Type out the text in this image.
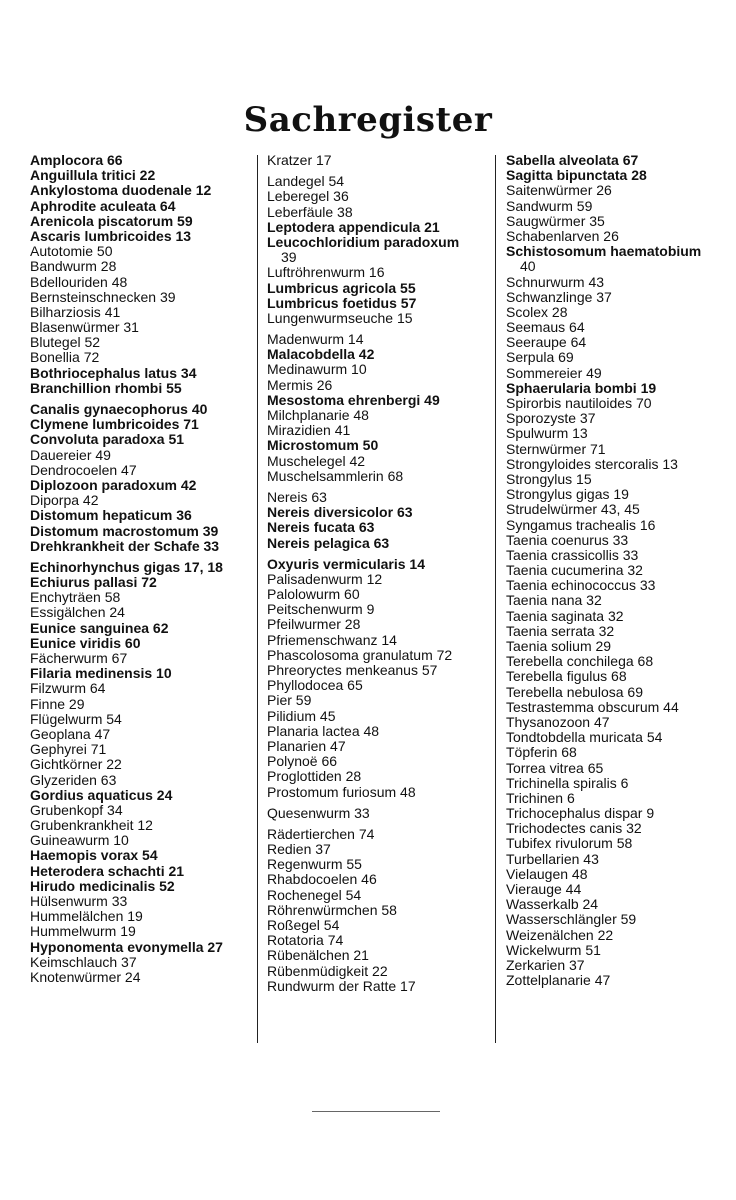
Sachregister
Amplocora 66
Anguillula tritici 22
Ankylostoma duodenale 12
Aphrodite aculeata 64
Arenicola piscatorum 59
Ascaris lumbricoides 13
Autotomie 50
Bandwurm 28
Bdellouriden 48
Bernsteinschnecken 39
Bilharziosis 41
Blasenwürmer 31
Blutegel 52
Bonellia 72
Bothriocephalus latus 34
Branchillion rhombi 55
Canalis gynaecophorus 40
Clymene lumbricoides 71
Convoluta paradoxa 51
Dauereier 49
Dendrocoelen 47
Diplozoon paradoxum 42
Diporpa 42
Distomum hepaticum 36
Distomum macrostomum 39
Drehkrankheit der Schafe 33
Echinorhynchus gigas 17, 18
Echiurus pallasi 72
Enchyträen 58
Essigälchen 24
Eunice sanguinea 62
Eunice viridis 60
Fächerwurm 67
Filaria medinensis 10
Filzwurm 64
Finne 29
Flügelwurm 54
Geoplana 47
Gephyrei 71
Gichtkörner 22
Glyzeriden 63
Gordius aquaticus 24
Grubenkopf 34
Grubenkrankheit 12
Guineawurm 10
Haemopis vorax 54
Heterodera schachti 21
Hirudo medicinalis 52
Hülsenwurm 33
Hummelälchen 19
Hummelwurm 19
Hyponomenta evonymella 27
Keimschlauch 37
Knotenwürmer 24
Kratzer 17
Landegel 54
Leberegel 36
Leberfäule 38
Leptodera appendicula 21
Leucochloridium paradoxum
39
Luftröhrenwurm 16
Lumbricus agricola 55
Lumbricus foetidus 57
Lungenwurmseuche 15
Madenwurm 14
Malacobdella 42
Medinawurm 10
Mermis 26
Mesostoma ehrenbergi 49
Milchplanarie 48
Mirazidien 41
Microstomum 50
Muschelegel 42
Muschelsammlerin 68
Nereis 63
Nereis diversicolor 63
Nereis fucata 63
Nereis pelagica 63
Oxyuris vermicularis 14
Palisadenwurm 12
Palolowurm 60
Peitschenwurm 9
Pfeilwurmer 28
Pfriemenschwanz 14
Phascolosoma granulatum 72
Phreoryctes menkeanus 57
Phyllodocea 65
Pier 59
Pilidium 45
Planaria lactea 48
Planarien 47
Polynoë 66
Proglottiden 28
Prostomum furiosum 48
Quesenwurm 33
Rädertierchen 74
Redien 37
Regenwurm 55
Rhabdocoelen 46
Rochenegel 54
Röhrenwürmchen 58
Roßegel 54
Rotatoria 74
Rübenälchen 21
Rübenmüdigkeit 22
Rundwurm der Ratte 17
Sabella alveolata 67
Sagitta bipunctata 28
Saitenwürmer 26
Sandwurm 59
Saugwürmer 35
Schabenlarven 26
Schistosomum haematobium
40
Schnurwurm 43
Schwanzlinge 37
Scolex 28
Seemaus 64
Seeraupe 64
Serpula 69
Sommereier 49
Sphaerularia bombi 19
Spirorbis nautiloides 70
Sporozyste 37
Spulwurm 13
Sternwürmer 71
Strongyloides stercoralis 13
Strongylus 15
Strongylus gigas 19
Strudelwürmer 43, 45
Syngamus trachealis 16
Taenia coenurus 33
Taenia crassicollis 33
Taenia cucumerina 32
Taenia echinococcus 33
Taenia nana 32
Taenia saginata 32
Taenia serrata 32
Taenia solium 29
Terebella conchilega 68
Terebella figulus 68
Terebella nebulosa 69
Testrastemma obscurum 44
Thysanozoon 47
Tondtobdella muricata 54
Töpferin 68
Torrea vitrea 65
Trichinella spiralis 6
Trichinen 6
Trichocephalus dispar 9
Trichodectes canis 32
Tubifex rivulorum 58
Turbellarien 43
Vielaugen 48
Vierauge 44
Wasserkalb 24
Wasserschlängler 59
Weizenälchen 22
Wickelwurm 51
Zerkarien 37
Zottelplanarie 47
